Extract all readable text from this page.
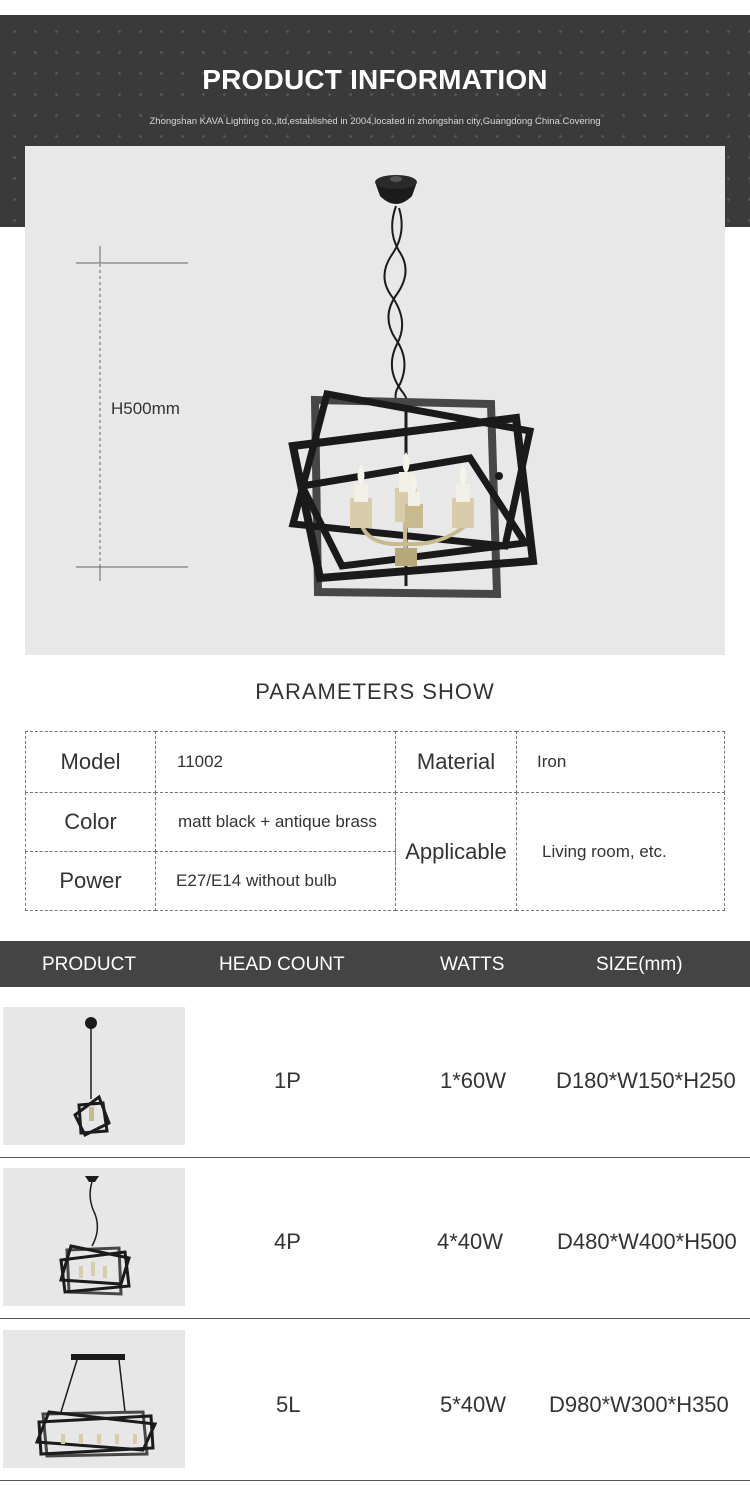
PRODUCT INFORMATION
Zhongshan KAVA Lighting co.,ltd,established in 2004,located in zhongshan city,Guangdong China.Covering
H500mm
PARAMETERS SHOW
Model	11002	Material	Iron
Color	matt black + antique brass
Applicable	Living room, etc.
Power	E27/E14 without bulb
PRODUCT	HEAD COUNT	WATTS	SIZE(mm)
1P	1*60W D180*W150*H250
4P	4*40W D480*W400*H500
5L	5*40W D980*W300*H350
